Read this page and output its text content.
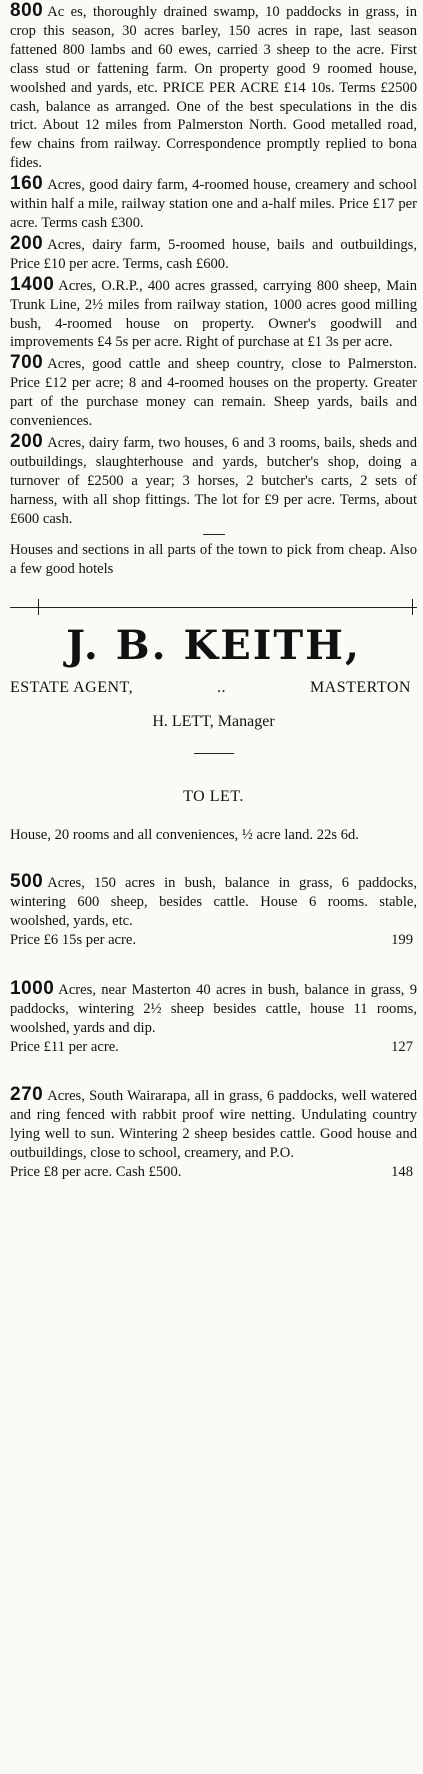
800 Ac es, thoroughly drained swamp, 10 paddocks in grass, in crop this season, 30 acres barley, 150 acres in rape, last season fattened 800 lambs and 60 ewes, carried 3 sheep to the acre. First class stud or fattening farm. On property good 9 roomed house, woolshed and yards, etc. PRICE PER ACRE £14 10s. Terms £2500 cash, balance as arranged. One of the best speculations in the dis trict. About 12 miles from Palmerston North. Good metalled road, few chains from railway. Correspondence promptly replied to bona fides.

160 Acres, good dairy farm, 4-roomed house, creamery and school within half a mile, railway station one and a-half miles. Price £17 per acre. Terms cash £300.

200 Acres, dairy farm, 5-roomed house, bails and outbuildings, Price £10 per acre. Terms, cash £600.

1400 Acres, O.R.P., 400 acres grassed, carrying 800 sheep, Main Trunk Line, 2½ miles from railway station, 1000 acres good milling bush, 4-roomed house on property. Owner's goodwill and improvements £4 5s per acre. Right of purchase at £1 3s per acre.

700 Acres, good cattle and sheep country, close to Palmerston. Price £12 per acre; 8 and 4-roomed houses on the property. Greater part of the purchase money can remain. Sheep yards, bails and conveniences.

200 Acres, dairy farm, two houses, 6 and 3 rooms, bails, sheds and outbuildings, slaughterhouse and yards, butcher's shop, doing a turnover of £2500 a year; 3 horses, 2 butcher's carts, 2 sets of harness, with all shop fittings. The lot for £9 per acre. Terms, about £600 cash.

Houses and sections in all parts of the town to pick from cheap. Also a few good hotels
J. B. KEITH,
ESTATE AGENT,	..	MASTERTON
H. LETT, Manager
TO LET.
House, 20 rooms and all conveniences, ½ acre land. 22s 6d.
500 Acres, 150 acres in bush, balance in grass, 6 paddocks, wintering 600 sheep, besides cattle. House 6 rooms. stable, woolshed, yards, etc.
Price £6 15s per acre.	199
1000 Acres, near Masterton 40 acres in bush, balance in grass, 9 paddocks, wintering 2½ sheep besides cattle, house 11 rooms, woolshed, yards and dip.
Price £11 per acre.	127
270 Acres, South Wairarapa, all in grass, 6 paddocks, well watered and ring fenced with rabbit proof wire netting. Undulating country lying well to sun. Wintering 2 sheep besides cattle. Good house and outbuildings, close to school, creamery, and P.O.
Price £8 per acre. Cash £500.	148
